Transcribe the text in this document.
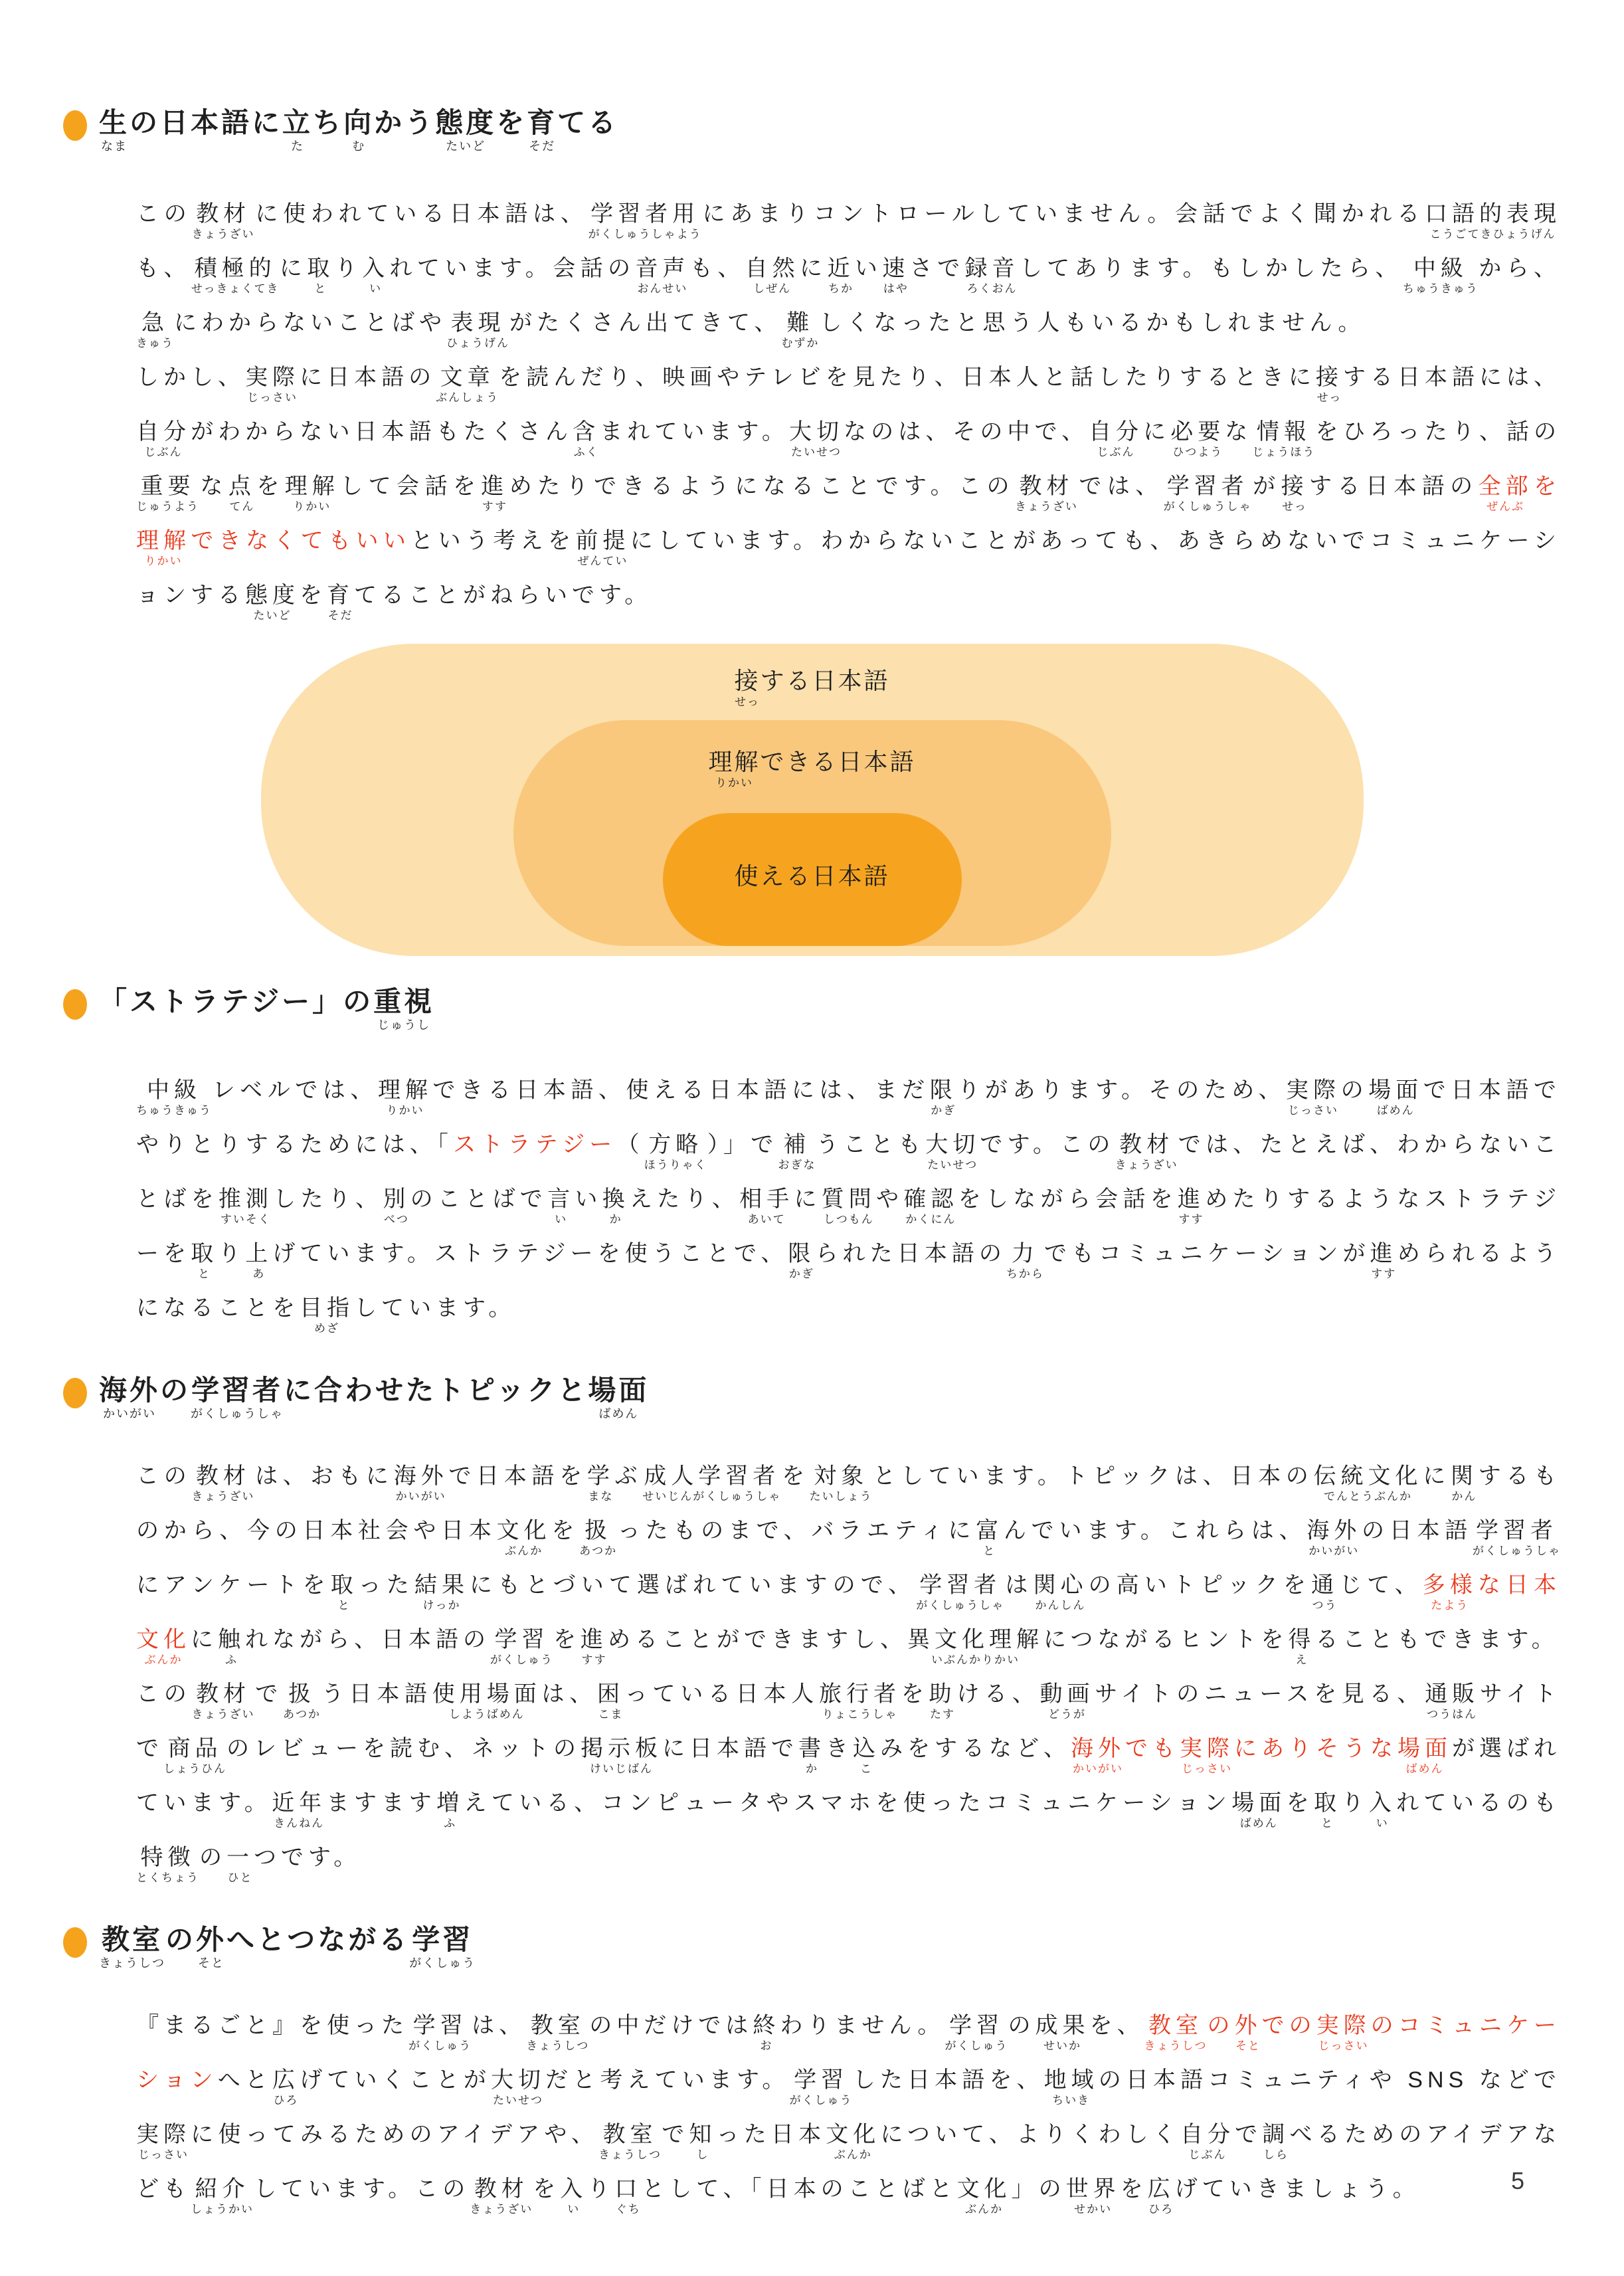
生
なま
の日本語に 立
た
ち 向
む
かう 態度
たいど
を 育
そだ
てる

この 教材
きょうざい
に使われている日本語は、 学習者用
がくしゅうしゃよう
にあまりコントロールしていません。会話でよく聞かれる 口語的表現
こうごてきひょうげん
も、 積極的
せっきょくてき
に 取
と
り 入
い
れています。会話の 音声
おんせい
も、 自然
しぜん
に 近
ちか
い 速
はや
さで 録音
ろくおん
してあります。もしかしたら、 中級
ちゅうきゅう
から、
急
きゅう
にわからないことばや 表現
ひょうげん
がたくさん出てきて、 難
むずか
しくなったと思う人もいるかもしれません。

しかし、 実際
じっさい
に日本語の 文章
ぶんしょう
を読んだり、映画やテレビを見たり、日本人と話したりするときに 接
せっ
する日本語には、
自分
じぶん
がわからない日本語もたくさん 含
ふく
まれています。 大切
たいせつ
なのは、その中で、 自分
じぶん
に 必要
ひつよう
な 情報
じょうほう
をひろったり、話の
重要
じゅうよう
な 点
てん
を 理解
りかい
して会話を 進
すす
めたりできるようになることです。この 教材
きょうざい
では、 学習者
がくしゅうしゃ
が 接
せっ
する日本語の 全部
ぜんぶ
を
理解
りかい
できなくてもいいという考えを 前提
ぜんてい
にしています。わからないことがあっても、あきらめないでコミュニケーションする 態度
たいど
を 育
そだ
てることがねらいです。

接
せっ
する日本語
理解
りかい
できる日本語
使える日本語
「ストラテジー」の 重視
じゅうし

中級
ちゅうきゅう
レベルでは、 理解
りかい
できる日本語、使える日本語には、まだ 限
かぎ
りがあります。そのため、 実際
じっさい
の 場面
ばめん
で日本語でやりとりするためには、「ストラテジー（ 方略
ほうりゃく
）」で 補
おぎな
うことも 大切
たいせつ
です。この 教材
きょうざい
では、たとえば、わからないことばを 推測
すいそく
したり、 別
べつ
のことばで 言
い
い 換
か
えたり、 相手
あいて
に 質問
しつもん
や 確認
かくにん
をしながら会話を 進
すす
めたりするようなストラテジーを 取
と
り 上
あ
げています。ストラテジーを使うことで、 限
かぎ
られた日本語の 力
ちから
でもコミュニケーションが 進
すす
められるようになることを 目指
めざ
しています。

海外
かいがい
の 学習者
がくしゅうしゃ
に合わせたトピックと 場面
ばめん

この 教材
きょうざい
は、おもに 海外
かいがい
で日本語を 学
まな
ぶ 成人学習者
せいじんがくしゅうしゃ
を 対象
たいしょう
としています。トピックは、日本の 伝統文化
でんとうぶんか
に 関
かん
するものから、今の日本社会や日本 文化
ぶんか
を 扱
あつか
ったものまで、バラエティに 富
と
んでいます。これらは、 海外
かいがい
の日本語 学習者
がくしゅうしゃ
にアンケートを 取
と
った 結果
けっか
にもとづいて選ばれていますので、 学習者
がくしゅうしゃ
は 関心
かんしん
の高いトピックを 通
つう
じて、 多様
たよう
な日本
文化
ぶんか
に 触
ふ
れながら、日本語の 学習
がくしゅう
を 進
すす
めることができますし、 異文化理解
いぶんかりかい
につながるヒントを 得
え
ることもできます。

この 教材
きょうざい
で 扱
あつか
う日本語 使用場面
しようばめん
は、 困
こま
っている日本人 旅行者
りょこうしゃ
を 助
たす
ける、 動画
どうが
サイトのニュースを見る、 通販
つうはん
サイトで 商品
しょうひん
のレビューを読む、ネットの 掲示板
けいじばん
に日本語で 書
か
き 込
こ
みをするなど、 海外
かいがい
でも 実際
じっさい
にありそうな 場面
ばめん
が選ばれています。 近年
きんねん
ますます 増
ふ
えている、コンピュータやスマホを使ったコミュニケーション 場面
ばめん
を 取
と
り 入
い
れているのも
特徴
とくちょう
の 一
ひと
つです。

教室
きょうしつ
の 外
そと
へとつながる 学習
がくしゅう

『まるごと』を使った 学習
がくしゅう
は、 教室
きょうしつ
の中だけでは 終
お
わりません。 学習
がくしゅう
の 成果
せいか
を、 教室
きょうしつ
の 外
そと
での 実際
じっさい
のコミュニケーションへと 広
ひろ
げていくことが 大切
たいせつ
だと考えています。 学習
がくしゅう
した日本語を、 地域
ちいき
の日本語コミュニティや SNS などで
実際
じっさい
に使ってみるためのアイデアや、 教室
きょうしつ
で 知
し
った日本 文化
ぶんか
について、よりくわしく 自分
じぶん
で 調
しら
べるためのアイデアなども 紹介
しょうかい
しています。この 教材
きょうざい
を 入
い
り 口
ぐち
として、「日本のことばと 文化
ぶんか
」の 世界
せかい
を 広
ひろ
げていきましょう。	5
